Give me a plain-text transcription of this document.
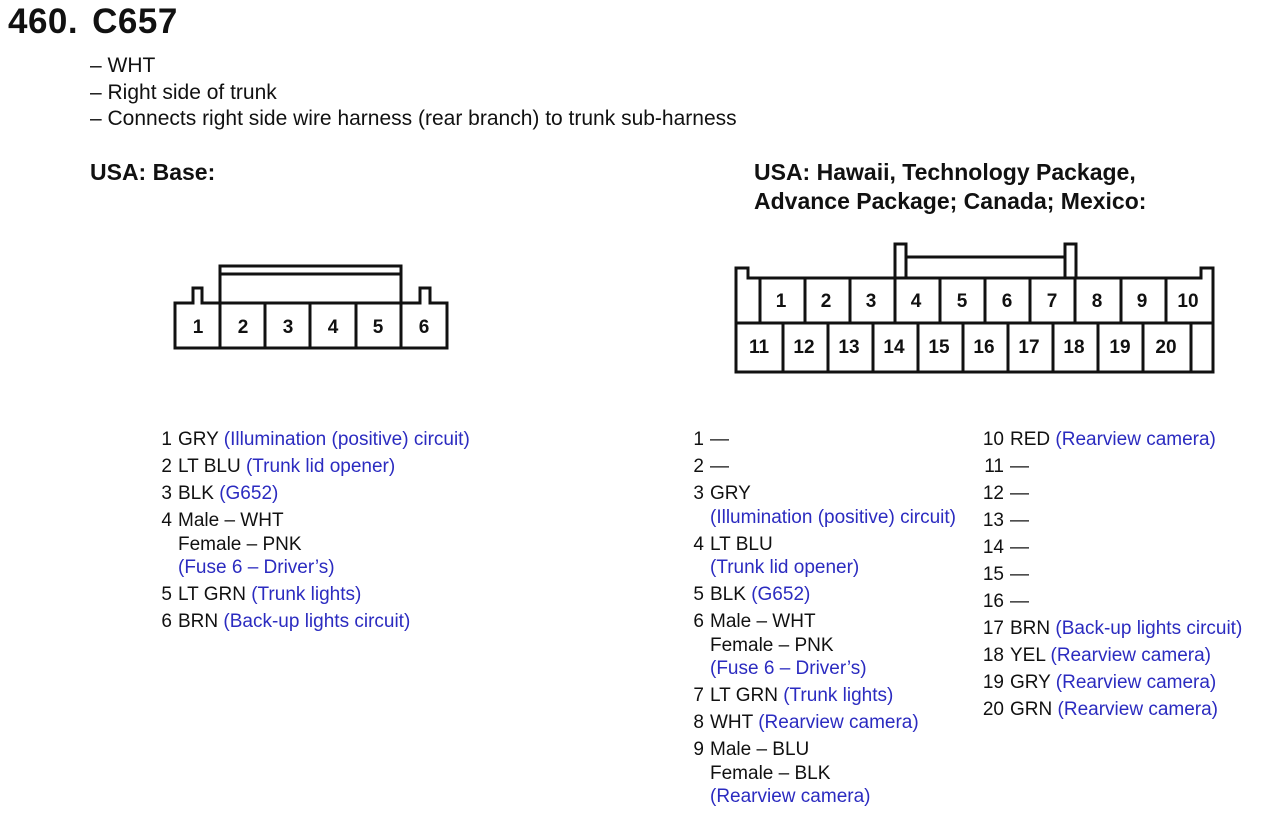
460. C657
– WHT
– Right side of trunk
– Connects right side wire harness (rear branch) to trunk sub-harness
USA: Base:	USA: Hawaii, Technology Package,
Advance Package; Canada; Mexico:
1 2 3 4 5 6
1 2 3 4 5 6 7 8 9 10
11 12 13 14 15 16 17 18 19 20
1 GRY (Illumination (positive) circuit)
2 LT BLU (Trunk lid opener)
3 BLK (G652)
4 Male – WHT
Female – PNK
(Fuse 6 – Driver’s)
5 LT GRN (Trunk lights)
6 BRN (Back-up lights circuit)
1 —
2 —
3 GRY
(Illumination (positive) circuit)
4 LT BLU
(Trunk lid opener)
5 BLK (G652)
6 Male – WHT
Female – PNK
(Fuse 6 – Driver’s)
7 LT GRN (Trunk lights)
8 WHT (Rearview camera)
9 Male – BLU
Female – BLK
(Rearview camera)
10 RED (Rearview camera)
11 —
12 —
13 —
14 —
15 —
16 —
17 BRN (Back-up lights circuit)
18 YEL (Rearview camera)
19 GRY (Rearview camera)
20 GRN (Rearview camera)
